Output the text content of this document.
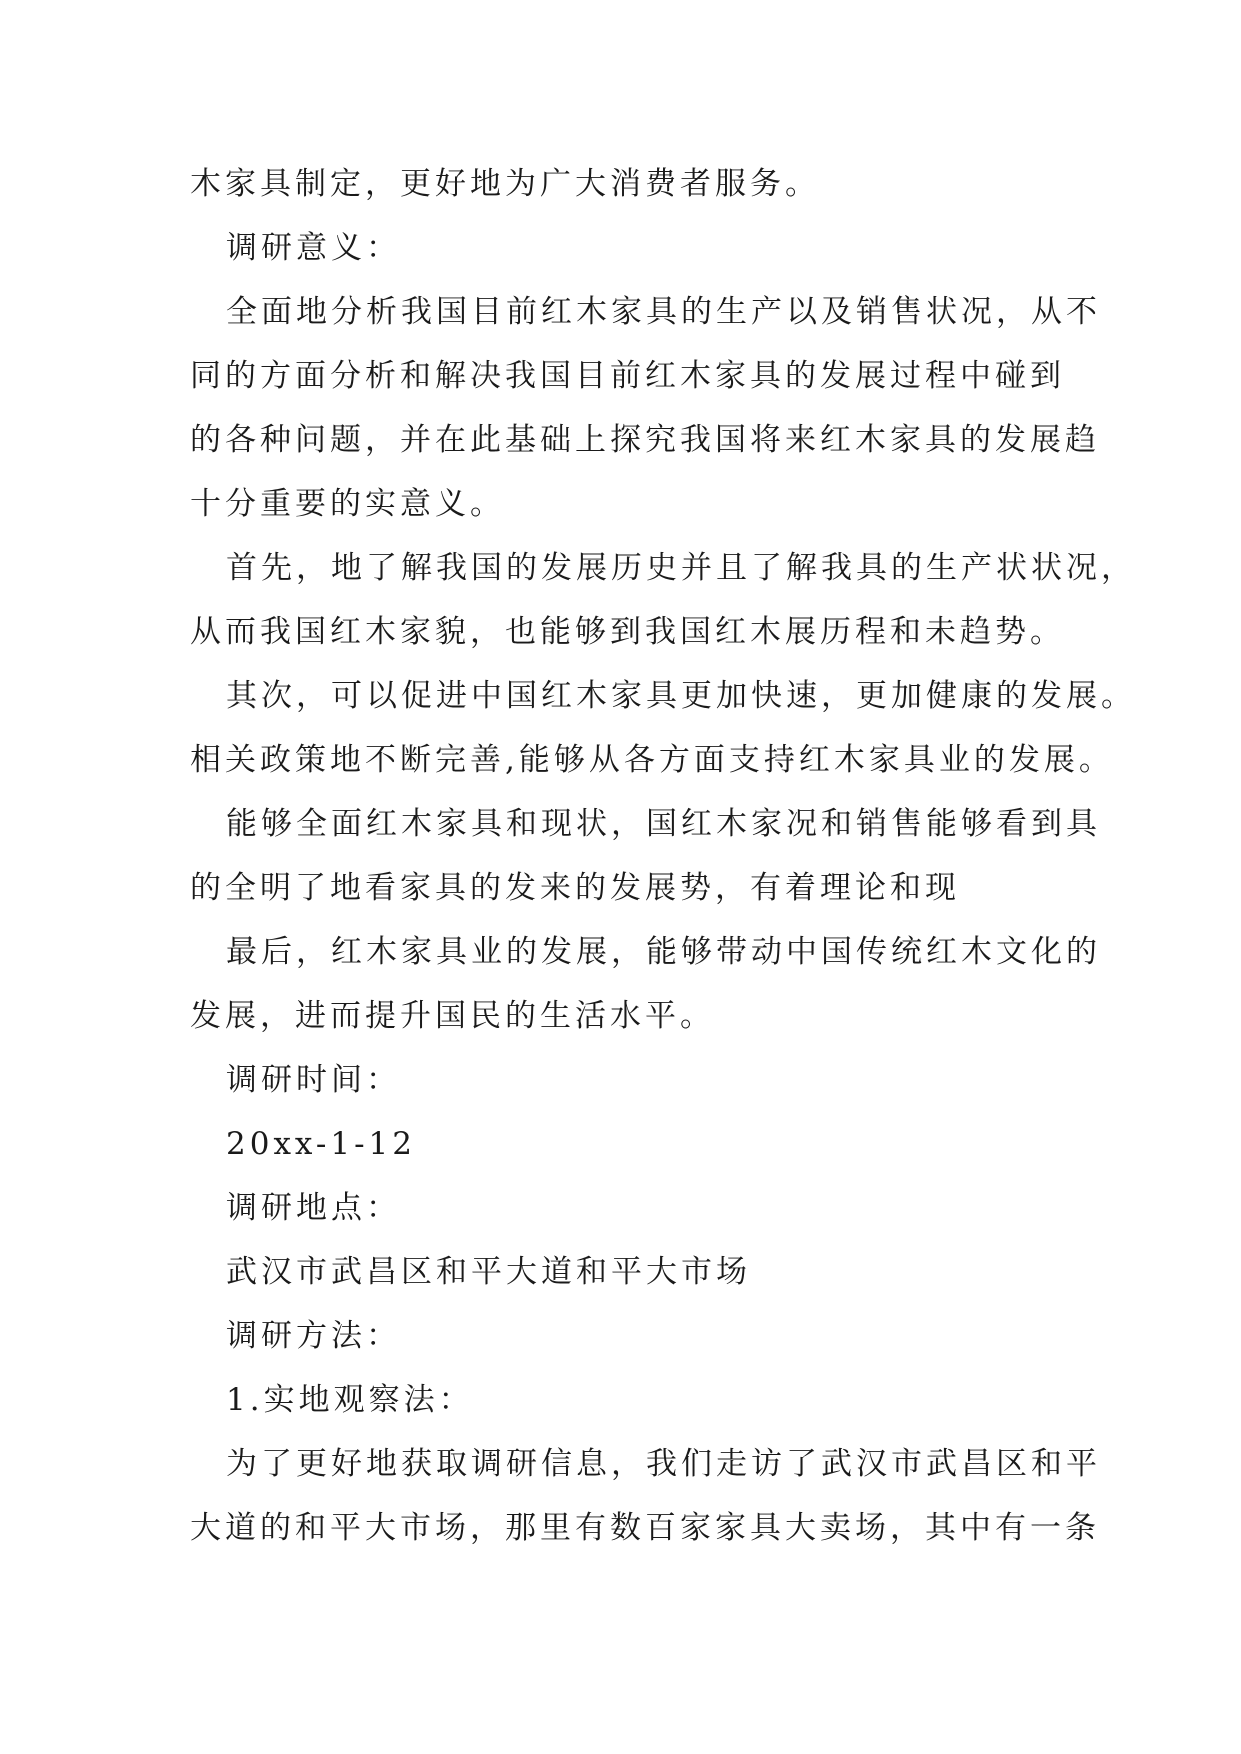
木家具制定，更好地为广大消费者服务。

调研意义：

全面地分析我国目前红木家具的生产以及销售状况，从不

同的方面分析和解决我国目前红木家具的发展过程中碰到

的各种问题，并在此基础上探究我国将来红木家具的发展趋

十分重要的实意义。

首先，地了解我国的发展历史并且了解我具的生产状状况，

从而我国红木家貌，也能够到我国红木展历程和未趋势。

其次，可以促进中国红木家具更加快速，更加健康的发展。

相关政策地不断完善,能够从各方面支持红木家具业的发展。

能够全面红木家具和现状，国红木家况和销售能够看到具

的全明了地看家具的发来的发展势，有着理论和现

最后，红木家具业的发展，能够带动中国传统红木文化的

发展，进而提升国民的生活水平。

调研时间：

20xx-1-12

调研地点：

武汉市武昌区和平大道和平大市场

调研方法：

1.实地观察法：

为了更好地获取调研信息，我们走访了武汉市武昌区和平

大道的和平大市场，那里有数百家家具大卖场，其中有一条
